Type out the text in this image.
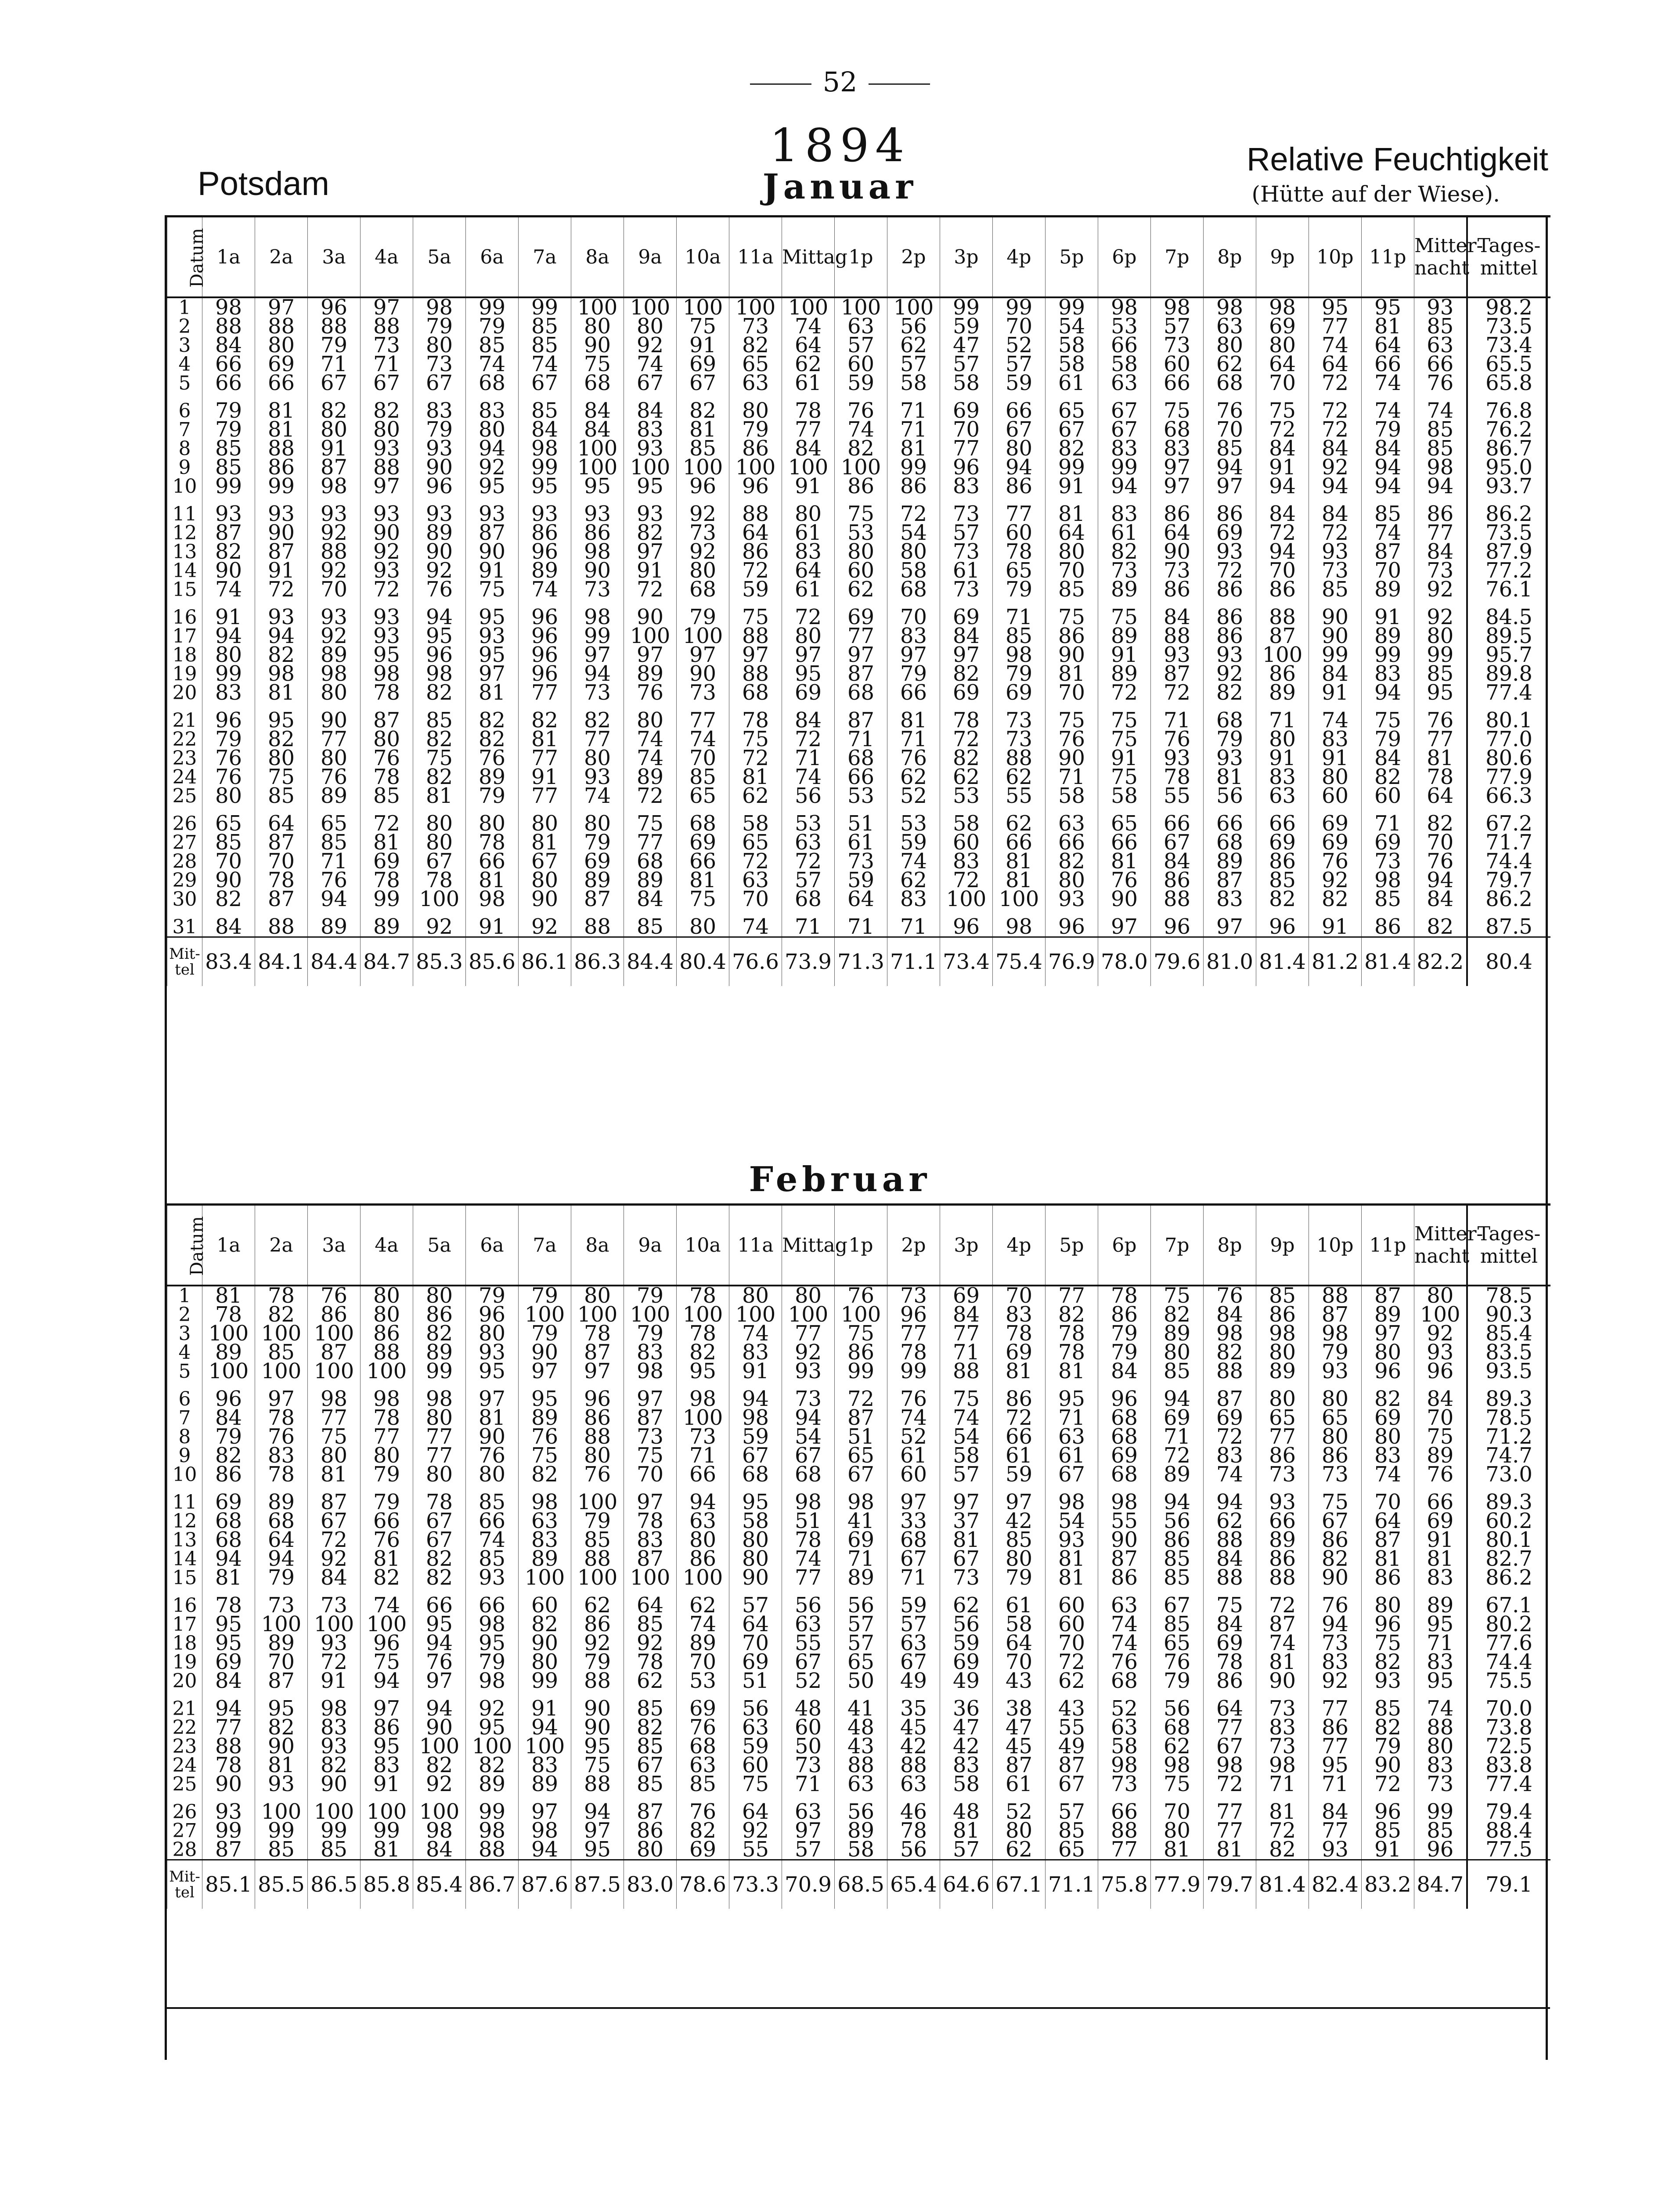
52
1894
Potsdam
Relative Feuchtigkeit
(Hütte auf der Wiese).
Januar
Februar
Datum	1a	2a	3a	4a	5a	6a	7a	8a	9a	10a	11a	Mittag	1p	2p	3p	4p	5p	6p	7p	8p	9p	10p	11p	Mitter-nacht	Tages-mittel
1	98	97	96	97	98	99	99	100	100	100	100	100	100	100	99	99	99	98	98	98	98	95	95	93	98.2
2	88	88	88	88	79	79	85	80	80	75	73	74	63	56	59	70	54	53	57	63	69	77	81	85	73.5
3	84	80	79	73	80	85	85	90	92	91	82	64	57	62	47	52	58	66	73	80	80	74	64	63	73.4
4	66	69	71	71	73	74	74	75	74	69	65	62	60	57	57	57	58	58	60	62	64	64	66	66	65.5
5	66	66	67	67	67	68	67	68	67	67	63	61	59	58	58	59	61	63	66	68	70	72	74	76	65.8

6	79	81	82	82	83	83	85	84	84	82	80	78	76	71	69	66	65	67	75	76	75	72	74	74	76.8
7	79	81	80	80	79	80	84	84	83	81	79	77	74	71	70	67	67	67	68	70	72	72	79	85	76.2
8	85	88	91	93	93	94	98	100	93	85	86	84	82	81	77	80	82	83	83	85	84	84	84	85	86.7
9	85	86	87	88	90	92	99	100	100	100	100	100	100	99	96	94	99	99	97	94	91	92	94	98	95.0
10	99	99	98	97	96	95	95	95	95	96	96	91	86	86	83	86	91	94	97	97	94	94	94	94	93.7

11	93	93	93	93	93	93	93	93	93	92	88	80	75	72	73	77	81	83	86	86	84	84	85	86	86.2
12	87	90	92	90	89	87	86	86	82	73	64	61	53	54	57	60	64	61	64	69	72	72	74	77	73.5
13	82	87	88	92	90	90	96	98	97	92	86	83	80	80	73	78	80	82	90	93	94	93	87	84	87.9
14	90	91	92	93	92	91	89	90	91	80	72	64	60	58	61	65	70	73	73	72	70	73	70	73	77.2
15	74	72	70	72	76	75	74	73	72	68	59	61	62	68	73	79	85	89	86	86	86	85	89	92	76.1

16	91	93	93	93	94	95	96	98	90	79	75	72	69	70	69	71	75	75	84	86	88	90	91	92	84.5
17	94	94	92	93	95	93	96	99	100	100	88	80	77	83	84	85	86	89	88	86	87	90	89	80	89.5
18	80	82	89	95	96	95	96	97	97	97	97	97	97	97	97	98	90	91	93	93	100	99	99	99	95.7
19	99	98	98	98	98	97	96	94	89	90	88	95	87	79	82	79	81	89	87	92	86	84	83	85	89.8
20	83	81	80	78	82	81	77	73	76	73	68	69	68	66	69	69	70	72	72	82	89	91	94	95	77.4

21	96	95	90	87	85	82	82	82	80	77	78	84	87	81	78	73	75	75	71	68	71	74	75	76	80.1
22	79	82	77	80	82	82	81	77	74	74	75	72	71	71	72	73	76	75	76	79	80	83	79	77	77.0
23	76	80	80	76	75	76	77	80	74	70	72	71	68	76	82	88	90	91	93	93	91	91	84	81	80.6
24	76	75	76	78	82	89	91	93	89	85	81	74	66	62	62	62	71	75	78	81	83	80	82	78	77.9
25	80	85	89	85	81	79	77	74	72	65	62	56	53	52	53	55	58	58	55	56	63	60	60	64	66.3

26	65	64	65	72	80	80	80	80	75	68	58	53	51	53	58	62	63	65	66	66	66	69	71	82	67.2
27	85	87	85	81	80	78	81	79	77	69	65	63	61	59	60	66	66	66	67	68	69	69	69	70	71.7
28	70	70	71	69	67	66	67	69	68	66	72	72	73	74	83	81	82	81	84	89	86	76	73	76	74.4
29	90	78	76	78	78	81	80	89	89	81	63	57	59	62	72	81	80	76	86	87	85	92	98	94	79.7
30	82	87	94	99	100	98	90	87	84	75	70	68	64	83	100	100	93	90	88	83	82	82	85	84	86.2

31	84	88	89	89	92	91	92	88	85	80	74	71	71	71	96	98	96	97	96	97	96	91	86	82	87.5
Mit-tel	83.4	84.1	84.4	84.7	85.3	85.6	86.1	86.3	84.4	80.4	76.6	73.9	71.3	71.1	73.4	75.4	76.9	78.0	79.6	81.0	81.4	81.2	81.4	82.2	80.4
Datum	1a	2a	3a	4a	5a	6a	7a	8a	9a	10a	11a	Mittag	1p	2p	3p	4p	5p	6p	7p	8p	9p	10p	11p	Mitter-nacht	Tages-mittel
1	81	78	76	80	80	79	79	80	79	78	80	80	76	73	69	70	77	78	75	76	85	88	87	80	78.5
2	78	82	86	80	86	96	100	100	100	100	100	100	100	96	84	83	82	86	82	84	86	87	89	100	90.3
3	100	100	100	86	82	80	79	78	79	78	74	77	75	77	77	78	78	79	89	98	98	98	97	92	85.4
4	89	85	87	88	89	93	90	87	83	82	83	92	86	78	71	69	78	79	80	82	80	79	80	93	83.5
5	100	100	100	100	99	95	97	97	98	95	91	93	99	99	88	81	81	84	85	88	89	93	96	96	93.5

6	96	97	98	98	98	97	95	96	97	98	94	73	72	76	75	86	95	96	94	87	80	80	82	84	89.3
7	84	78	77	78	80	81	89	86	87	100	98	94	87	74	74	72	71	68	69	69	65	65	69	70	78.5
8	79	76	75	77	77	90	76	88	73	73	59	54	51	52	54	66	63	68	71	72	77	80	80	75	71.2
9	82	83	80	80	77	76	75	80	75	71	67	67	65	61	58	61	61	69	72	83	86	86	83	89	74.7
10	86	78	81	79	80	80	82	76	70	66	68	68	67	60	57	59	67	68	89	74	73	73	74	76	73.0

11	69	89	87	79	78	85	98	100	97	94	95	98	98	97	97	97	98	98	94	94	93	75	70	66	89.3
12	68	68	67	66	67	66	63	79	78	63	58	51	41	33	37	42	54	55	56	62	66	67	64	69	60.2
13	68	64	72	76	67	74	83	85	83	80	80	78	69	68	81	85	93	90	86	88	89	86	87	91	80.1
14	94	94	92	81	82	85	89	88	87	86	80	74	71	67	67	80	81	87	85	84	86	82	81	81	82.7
15	81	79	84	82	82	93	100	100	100	100	90	77	89	71	73	79	81	86	85	88	88	90	86	83	86.2

16	78	73	73	74	66	66	60	62	64	62	57	56	56	59	62	61	60	63	67	75	72	76	80	89	67.1
17	95	100	100	100	95	98	82	86	85	74	64	63	57	57	56	58	60	74	85	84	87	94	96	95	80.2
18	95	89	93	96	94	95	90	92	92	89	70	55	57	63	59	64	70	74	65	69	74	73	75	71	77.6
19	69	70	72	75	76	79	80	79	78	70	69	67	65	67	69	70	72	76	76	78	81	83	82	83	74.4
20	84	87	91	94	97	98	99	88	62	53	51	52	50	49	49	43	62	68	79	86	90	92	93	95	75.5

21	94	95	98	97	94	92	91	90	85	69	56	48	41	35	36	38	43	52	56	64	73	77	85	74	70.0
22	77	82	83	86	90	95	94	90	82	76	63	60	48	45	47	47	55	63	68	77	83	86	82	88	73.8
23	88	90	93	95	100	100	100	95	85	68	59	50	43	42	42	45	49	58	62	67	73	77	79	80	72.5
24	78	81	82	83	82	82	83	75	67	63	60	73	88	88	83	87	87	98	98	98	98	95	90	83	83.8
25	90	93	90	91	92	89	89	88	85	85	75	71	63	63	58	61	67	73	75	72	71	71	72	73	77.4

26	93	100	100	100	100	99	97	94	87	76	64	63	56	46	48	52	57	66	70	77	81	84	96	99	79.4
27	99	99	99	99	98	98	98	97	86	82	92	97	89	78	81	80	85	88	80	77	72	77	85	85	88.4
28	87	85	85	81	84	88	94	95	80	69	55	57	58	56	57	62	65	77	81	81	82	93	91	96	77.5
Mit-tel	85.1	85.5	86.5	85.8	85.4	86.7	87.6	87.5	83.0	78.6	73.3	70.9	68.5	65.4	64.6	67.1	71.1	75.8	77.9	79.7	81.4	82.4	83.2	84.7	79.1
